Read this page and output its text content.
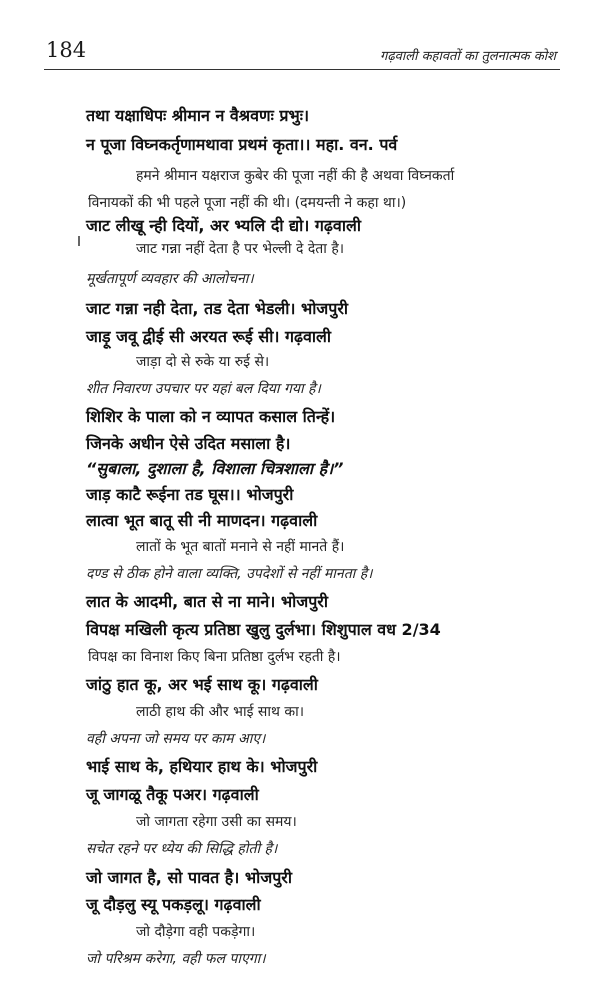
184	गढ़वाली कहावतों का तुलनात्मक कोश
तथा यक्षाधिपः श्रीमान न वैश्रवणः प्रभुः।
न पूजा विघ्नकर्तृणामथावा प्रथमं कृता।। महा. वन. पर्व
हमने श्रीमान यक्षराज कुबेर की पूजा नहीं की है अथवा विघ्नकर्ता
विनायकों की भी पहले पूजा नहीं की थी। (दमयन्ती ने कहा था।)
जाट लीखू न्ही दियों, अर भ्यलि दी द्यो। गढ़वाली
जाट गन्ना नहीं देता है पर भेल्ली दे देता है।
मूर्खतापूर्ण व्यवहार की आलोचना।
जाट गन्ना नही देता, तड देता भेडली। भोजपुरी
जाड़ू जवू द्वीई सी अरयत रूई सी। गढ़वाली
जाड़ा दो से रुके या रुई से।
शीत निवारण उपचार पर यहां बल दिया गया है।
शिशिर के पाला को न व्यापत कसाल तिन्हें।
जिनके अधीन ऐसे उदित मसाला है।
“सुबाला, दुशाला है, विशाला चित्रशाला है।”
जाड़ काटै रूईना तड घूस।। भोजपुरी
लात्वा भूत बातू सी नी माणदन। गढ़वाली
लातों के भूत बातों मनाने से नहीं मानते हैं।
दण्ड से ठीक होने वाला व्यक्ति, उपदेशों से नहीं मानता है।
लात के आदमी, बात से ना माने। भोजपुरी
विपक्ष मखिली कृत्य प्रतिष्ठा खुलु दुर्लभा। शिशुपाल वध 2/34
विपक्ष का विनाश किए बिना प्रतिष्ठा दुर्लभ रहती है।
जांठु हात कू, अर भई साथ कू। गढ़वाली
लाठी हाथ की और भाई साथ का।
वही अपना जो समय पर काम आए।
भाई साथ के, हथियार हाथ के। भोजपुरी
जू जागळू तैकू पअर। गढ़वाली
जो जागता रहेगा उसी का समय।
सचेत रहने पर ध्येय की सिद्धि होती है।
जो जागत है, सो पावत है। भोजपुरी
जू दौड़लु स्यू पकड़लू। गढ़वाली
जो दौड़ेगा वही पकड़ेगा।
जो परिश्रम करेगा, वही फल पाएगा।
